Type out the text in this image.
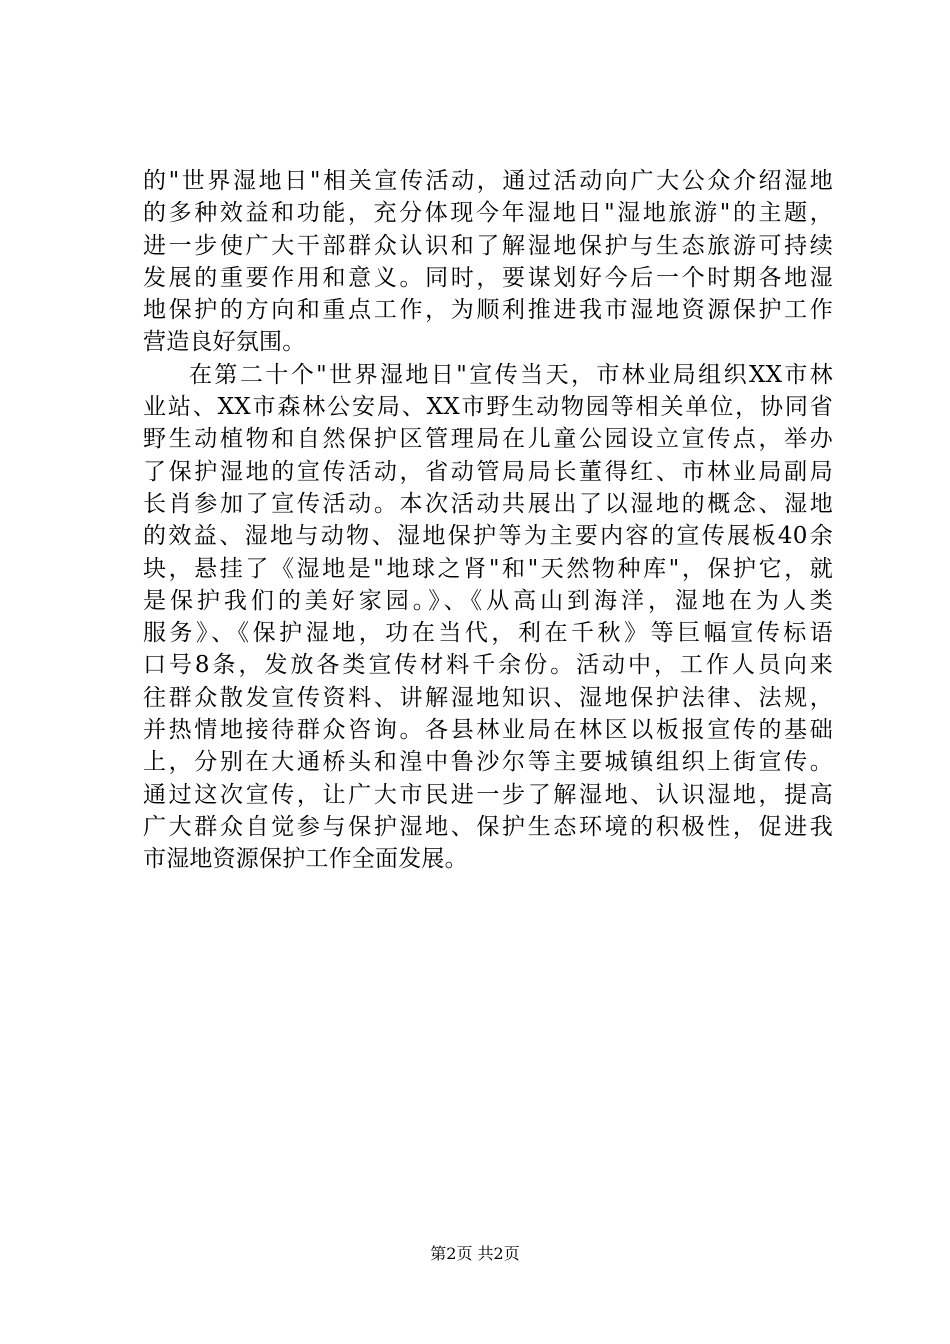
的"世界湿地日"相关宣传活动，通过活动向广大公众介绍湿地
的多种效益和功能，充分体现今年湿地日"湿地旅游"的主题，
进一步使广大干部群众认识和了解湿地保护与生态旅游可持续
发展的重要作用和意义。同时，要谋划好今后一个时期各地湿
地保护的方向和重点工作，为顺利推进我市湿地资源保护工作
营造良好氛围。
在第二十个"世界湿地日"宣传当天，市林业局组织XX市林
业站、XX市森林公安局、XX市野生动物园等相关单位，协同省
野生动植物和自然保护区管理局在儿童公园设立宣传点，举办
了保护湿地的宣传活动，省动管局局长董得红、市林业局副局
长肖参加了宣传活动。本次活动共展出了以湿地的概念、湿地
的效益、湿地与动物、湿地保护等为主要内容的宣传展板40余
块，悬挂了《湿地是"地球之肾"和"天然物种库"，保护它，就
是保护我们的美好家园。》、《从高山到海洋，湿地在为人类
服务》、《保护湿地，功在当代，利在千秋》等巨幅宣传标语
口号8条，发放各类宣传材料千余份。活动中，工作人员向来
往群众散发宣传资料、讲解湿地知识、湿地保护法律、法规，
并热情地接待群众咨询。各县林业局在林区以板报宣传的基础
上，分别在大通桥头和湟中鲁沙尔等主要城镇组织上街宣传。
通过这次宣传，让广大市民进一步了解湿地、认识湿地，提高
广大群众自觉参与保护湿地、保护生态环境的积极性，促进我
市湿地资源保护工作全面发展。
第2页 共2页
